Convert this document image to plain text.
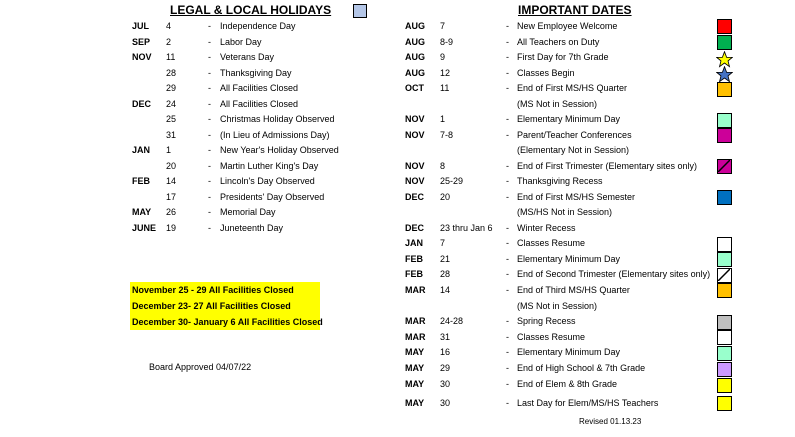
LEGAL & LOCAL HOLIDAYS	IMPORTANT DATES
JUL 4	- Independence Day
SEP 2	- Labor Day
NOV 11	- Veterans Day
28	- Thanksgiving Day
29	- All Facilities Closed
DEC 24	- All Facilities Closed
25	- Christmas Holiday Observed
31	- (In Lieu of Admissions Day)
JAN 1	- New Year's Holiday Observed
20	- Martin Luther King's Day
FEB 14	- Lincoln's Day Observed
17	- Presidents' Day Observed
MAY 26	- Memorial Day
JUNE 19	- Juneteenth Day
November 25 - 29 All Facilities Closed
December 23- 27 All Facilities Closed
December 30- January 6 All Facilities Closed
Board Approved 04/07/22
AUG 7	- New Employee Welcome
AUG 8-9	- All Teachers on Duty
AUG 9	- First Day for 7th Grade
AUG 12	- Classes Begin
OCT 11	- End of First MS/HS Quarter
(MS Not in Session)
NOV 1	- Elementary Minimum Day
NOV 7-8	- Parent/Teacher Conferences
(Elementary Not in Session)
NOV 8	- End of First Trimester (Elementary sites only)
NOV 25-29	- Thanksgiving Recess
DEC 20	- End of First MS/HS Semester
(MS/HS Not in Session)
DEC 23 thru Jan 6 - Winter Recess
JAN 7	- Classes Resume
FEB 21	- Elementary Minimum Day
FEB 28	- End of Second Trimester (Elementary sites only)
MAR 14	- End of Third MS/HS Quarter
(MS Not in Session)
MAR 24-28	- Spring Recess
MAR 31	- Classes Resume
MAY 16	- Elementary Minimum Day
MAY 29	- End of High School & 7th Grade
MAY 30	- End of Elem & 8th Grade
MAY 30	- Last Day for Elem/MS/HS Teachers
Revised 01.13.23
